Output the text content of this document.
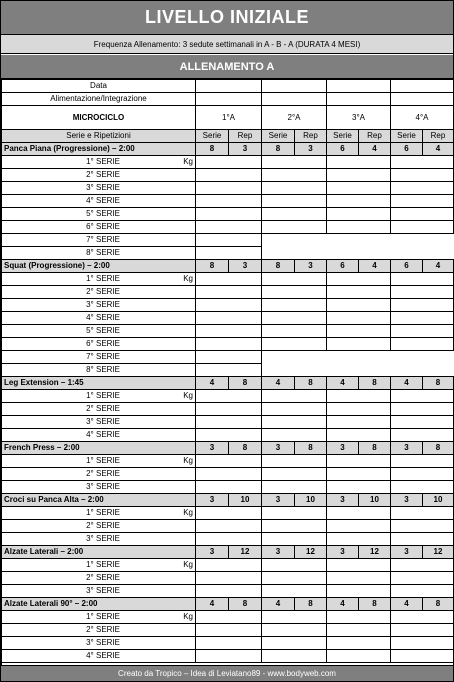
LIVELLO INIZIALE
Frequenza Allenamento: 3 sedute settimanali in A - B - A (DURATA 4 MESI)
ALLENAMENTO A
Data								
Alimentazione/Integrazione								
MICROCICLO	1°A		2°A		3°A		4°A	
Serie e Ripetizioni	Serie	Rep	Serie	Rep	Serie	Rep	Serie	Rep
Panca Piana (Progressione) – 2:00	8	3	8	3	6	4	6	4
1° SERIE Kg								

2° SERIE								
3° SERIE								
4° SERIE								
5° SERIE								
6° SERIE								
7° SERIE								
8° SERIE								
Squat (Progressione) – 2:00	8	3	8	3	6	4	6	4
1° SERIE Kg								

2° SERIE								
3° SERIE								
4° SERIE								
5° SERIE								
6° SERIE								
7° SERIE								
8° SERIE								
Leg Extension – 1:45	4	8	4	8	4	8	4	8
1° SERIE Kg								

2° SERIE								
3° SERIE								
4° SERIE								
French Press – 2:00	3	8	3	8	3	8	3	8
1° SERIE Kg								

2° SERIE								
3° SERIE								
Croci su Panca Alta – 2:00	3	10	3	10	3	10	3	10
1° SERIE Kg								

2° SERIE								
3° SERIE								
Alzate Laterali – 2:00	3	12	3	12	3	12	3	12
1° SERIE Kg								

2° SERIE								
3° SERIE								
Alzate Laterali 90° – 2:00	4	8	4	8	4	8	4	8
1° SERIE Kg								

2° SERIE								
3° SERIE								
4° SERIE								

Creato da Tropico – Idea di Leviatano89 - www.bodyweb.com
